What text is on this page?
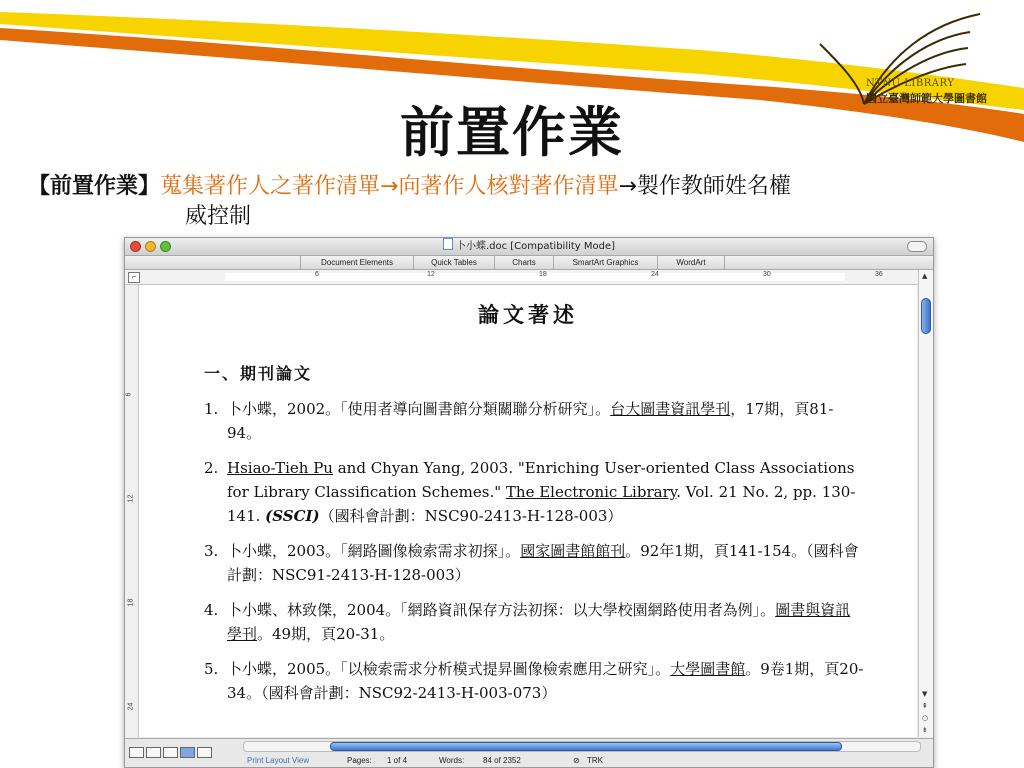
前置作業
NTNU LIBRARY
國立臺灣師範大學圖書館
【前置作業】蒐集著作人之著作清單→向著作人核對著作清單→製作教師姓名權
威控制
卜小蝶.doc [Compatibility Mode]
Document Elements	Quick Tables	Charts	SmartArt Graphics	WordArt
⌐	6	12	18	24	30	36
6
12
18
24
論文著述
一、期刊論文
1. 卜小蝶，2002。「使用者導向圖書館分類關聯分析研究」。台大圖書資訊學刊，17期，頁81-94。
2. Hsiao-Tieh Pu and Chyan Yang, 2003. "Enriching User-oriented Class Associations for Library Classification Schemes." The Electronic Library. Vol. 21 No. 2, pp. 130-141. (SSCI)（國科會計劃：NSC90-2413-H-128-003）
3. 卜小蝶，2003。「網路圖像檢索需求初探」。國家圖書館館刊。92年1期，頁141-154。（國科會計劃：NSC91-2413-H-128-003）
4. 卜小蝶、林致傑，2004。「網路資訊保存方法初探：以大學校園網路使用者為例」。圖書與資訊學刊。49期，頁20-31。
5. 卜小蝶，2005。「以檢索需求分析模式提昇圖像檢索應用之研究」。大學圖書館。9卷1期，頁20-34。（國科會計劃：NSC92-2413-H-003-073）
▲
▼
⇞
○
⇟
Print Layout View	Pages: 1 of 4	Words: 84 of 2352	⊘ TRK
